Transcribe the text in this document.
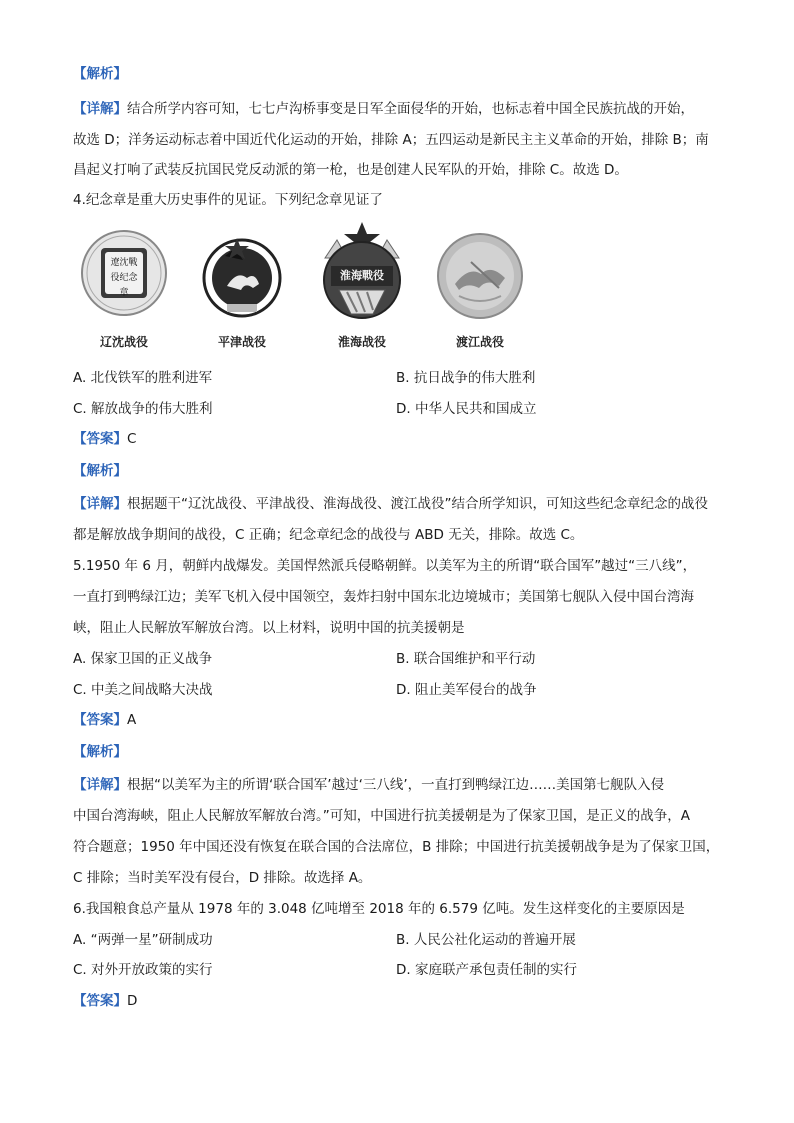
【解析】
【详解】结合所学内容可知，七七卢沟桥事变是日军全面侵华的开始，也标志着中国全民族抗战的开始，
故选 D；洋务运动标志着中国近代化运动的开始，排除 A；五四运动是新民主主义革命的开始，排除 B；南
昌起义打响了武装反抗国民党反动派的第一枪，也是创建人民军队的开始，排除 C。故选 D。
4.纪念章是重大历史事件的见证。下列纪念章见证了
遼沈戰役纪念章
辽沈战役	平津战役
淮海戰役
淮海战役	渡江战役
A. 北伐铁军的胜利进军	B. 抗日战争的伟大胜利
C. 解放战争的伟大胜利	D. 中华人民共和国成立
【答案】C
【解析】
【详解】根据题干“辽沈战役、平津战役、淮海战役、渡江战役”结合所学知识，可知这些纪念章纪念的战役
都是解放战争期间的战役，C 正确；纪念章纪念的战役与 ABD 无关，排除。故选 C。
5.1950 年 6 月，朝鲜内战爆发。美国悍然派兵侵略朝鲜。以美军为主的所谓“联合国军”越过“三八线”，
一直打到鸭绿江边；美军飞机入侵中国领空，轰炸扫射中国东北边境城市；美国第七舰队入侵中国台湾海
峡，阻止人民解放军解放台湾。以上材料，说明中国的抗美援朝是
A. 保家卫国的正义战争	B. 联合国维护和平行动
C. 中美之间战略大决战	D. 阻止美军侵台的战争
【答案】A
【解析】
【详解】根据“以美军为主的所谓‘联合国军’越过‘三八线’，一直打到鸭绿江边……美国第七舰队入侵
中国台湾海峡，阻止人民解放军解放台湾。”可知，中国进行抗美援朝是为了保家卫国，是正义的战争，A
符合题意；1950 年中国还没有恢复在联合国的合法席位，B 排除；中国进行抗美援朝战争是为了保家卫国，
C 排除；当时美军没有侵台，D 排除。故选择 A。
6.我国粮食总产量从 1978 年的 3.048 亿吨增至 2018 年的 6.579 亿吨。发生这样变化的主要原因是
A. “两弹一星”研制成功	B. 人民公社化运动的普遍开展
C. 对外开放政策的实行	D. 家庭联产承包责任制的实行
【答案】D
